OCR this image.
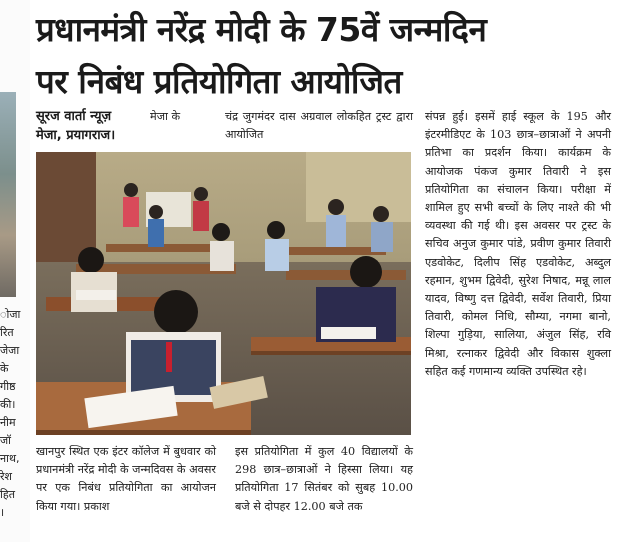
ोजा
रित
जेजा
के
गीष्ठ
की।
नीम
जॉ
नाथ,
रेश
हित
।
प्रधानमंत्री नरेंद्र मोदी के 75वें जन्मदिन
पर निबंध प्रतियोगिता आयोजित
सूरज वार्ता न्यूज़
मेजा, प्रयागराज।
मेजा के	चंद्र जुगमंदर दास अग्रवाल लोकहित ट्रस्ट द्वारा आयोजित
संपन्न हुई। इसमें हाई स्कूल के 195 और इंटरमीडिएट के 103 छात्र–छात्राओं ने अपनी प्रतिभा का प्रदर्शन किया। कार्यक्रम के आयोजक पंकज कुमार तिवारी ने इस प्रतियोगिता का संचालन किया। परीक्षा में शामिल हुए सभी बच्चों के लिए नाश्ते की भी व्यवस्था की गई थी। इस अवसर पर ट्रस्ट के सचिव अनुज कुमार पांडे, प्रवीण कुमार तिवारी एडवोकेट, दिलीप सिंह एडवोकेट, अब्दुल रहमान, शुभम द्विवेदी, सुरेश निषाद, मन्नू लाल यादव, विष्णु दत्त द्विवेदी, सर्वेश तिवारी, प्रिया तिवारी, कोमल निधि, सौम्या, नगमा बानो, शिल्पा गुड़िया, सालिया, अंजुल सिंह, रवि मिश्रा, रत्नाकर द्विवेदी और विकास शुक्ला सहित कई गणमान्य व्यक्ति उपस्थित रहे।
खानपुर स्थित एक इंटर कॉलेज में बुधवार को प्रधानमंत्री नरेंद्र मोदी के जन्मदिवस के अवसर पर एक निबंध प्रतियोगिता का आयोजन किया गया। प्रकाश
इस प्रतियोगिता में कुल 40 विद्यालयों के 298 छात्र–छात्राओं ने हिस्सा लिया। यह प्रतियोगिता 17 सितंबर को सुबह 10.00 बजे से दोपहर 12.00 बजे तक
